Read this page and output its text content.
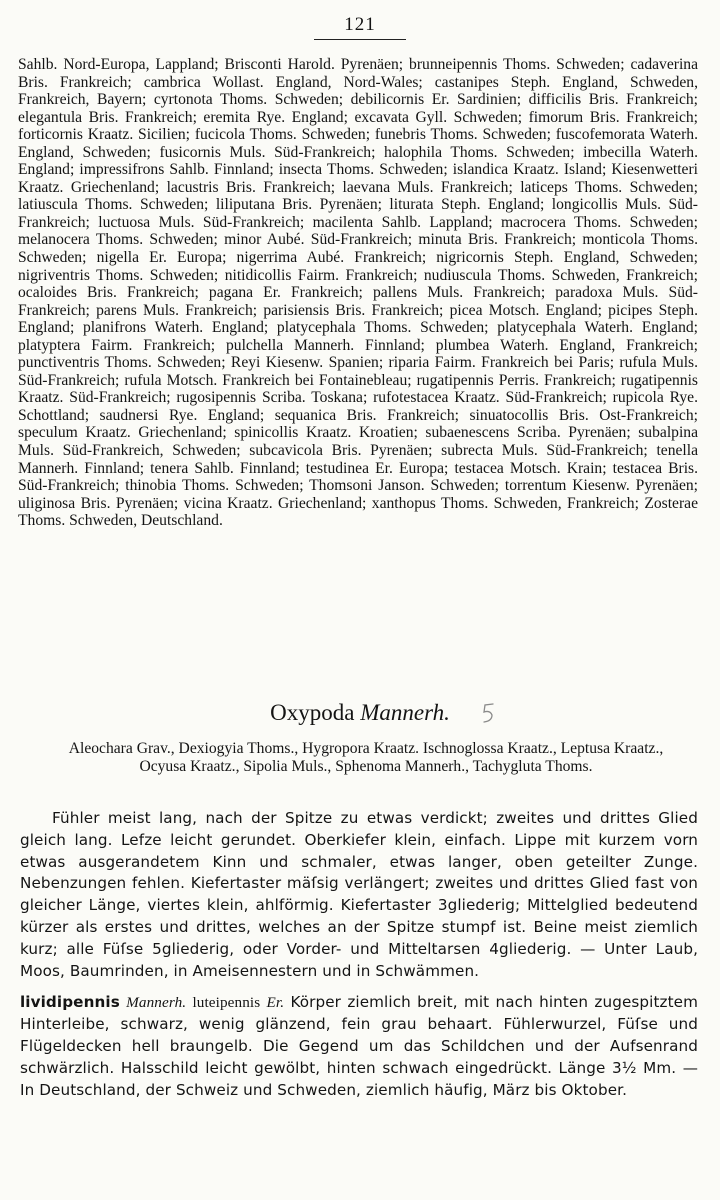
121
Sahlb. Nord-Europa, Lappland; Brisconti Harold. Pyrenäen; brunneipennis Thoms. Schweden; cadaverina Bris. Frankreich; cambrica Wollast. England, Nord-Wales; castanipes Steph. England, Schweden, Frankreich, Bayern; cyrtonota Thoms. Schweden; debilicornis Er. Sardinien; difficilis Bris. Frankreich; elegantula Bris. Frankreich; eremita Rye. England; excavata Gyll. Schweden; fimorum Bris. Frankreich; forticornis Kraatz. Sicilien; fucicola Thoms. Schweden; funebris Thoms. Schweden; fuscofemorata Waterh. England, Schweden; fusicornis Muls. Süd-Frankreich; halophila Thoms. Schweden; imbecilla Waterh. England; impressifrons Sahlb. Finnland; insecta Thoms. Schweden; islandica Kraatz. Island; Kiesenwetteri Kraatz. Griechenland; lacustris Bris. Frankreich; laevana Muls. Frankreich; laticeps Thoms. Schweden; latiusculа Thoms. Schweden; liliputana Bris. Pyrenäen; liturata Steph. England; longicollis Muls. Süd-Frankreich; luctuosa Muls. Süd-Frankreich; macilenta Sahlb. Lappland; macrocera Thoms. Schweden; melanocera Thoms. Schweden; minor Aubé. Süd-Frankreich; minuta Bris. Frankreich; monticola Thoms. Schweden; nigella Er. Europa; nigerrima Aubé. Frankreich; nigricornis Steph. England, Schweden; nigriventris Thoms. Schweden; nitidicollis Fairm. Frankreich; nudiusculа Thoms. Schweden, Frankreich; ocaloides Bris. Frankreich; pagana Er. Frankreich; pallens Muls. Frankreich; paradoxa Muls. Süd-Frankreich; parens Muls. Frankreich; parisiensis Bris. Frankreich; picea Motsch. England; picipes Steph. England; planifrons Waterh. England; platycephala Thoms. Schweden; platycephala Waterh. England; platyptera Fairm. Frankreich; pulchella Mannerh. Finnland; plumbea Waterh. England, Frankreich; punctiventris Thoms. Schweden; Reyi Kiesenw. Spanien; riparia Fairm. Frankreich bei Paris; rufula Muls. Süd-Frankreich; rufula Motsch. Frankreich bei Fontainebleau; rugatipennis Perris. Frankreich; rugatipennis Kraatz. Süd-Frankreich; rugosipennis Scriba. Toskana; rufotestacea Kraatz. Süd-Frankreich; rupicola Rye. Schottland; saudnersi Rye. England; sequanica Bris. Frankreich; sinuatocollis Bris. Ost-Frankreich; speculum Kraatz. Griechenland; spinicollis Kraatz. Kroatien; subaenescens Scriba. Pyrenäen; subalpina Muls. Süd-Frankreich, Schweden; subcavicola Bris. Pyrenäen; subrecta Muls. Süd-Frankreich; tenella Mannerh. Finnland; tenera Sahlb. Finnland; testudinea Er. Europa; testacea Motsch. Krain; testacea Bris. Süd-Frankreich; thinobia Thoms. Schweden; Thomsoni Janson. Schweden; torrentum Kiesenw. Pyrenäen; uliginosa Bris. Pyrenäen; vicina Kraatz. Griechenland; xanthopus Thoms. Schweden, Frankreich; Zosterae Thoms. Schweden, Deutschland.
Oxypoda Mannerh.
Aleochara Grav., Dexiogyia Thoms., Hygropora Kraatz. Ischnoglossa Kraatz., Leptusa Kraatz., Ocyusa Kraatz., Sipolia Muls., Sphenoma Mannerh., Tachygluta Thoms.

Fühler meist lang, nach der Spitze zu etwas verdickt; zweites und drittes Glied gleich lang. Lefze leicht gerundet. Oberkiefer klein, einfach. Lippe mit kurzem vorn etwas ausgerandetem Kinn und schmaler, etwas langer, oben geteilter Zunge. Nebenzungen fehlen. Kiefertaster mäſsig verlängert; zweites und drittes Glied fast von gleicher Länge, viertes klein, ahlförmig. Kiefertaster 3gliederig; Mittelglied bedeutend kürzer als erstes und drittes, welches an der Spitze stumpf ist. Beine meist ziemlich kurz; alle Füſse 5gliederig, oder Vorder- und Mitteltarsen 4gliederig. — Unter Laub, Moos, Baumrinden, in Ameisennestern und in Schwämmen.

lividipennis Mannerh. luteipennis Er. Körper ziemlich breit, mit nach hinten zugespitztem Hinterleibe, schwarz, wenig glänzend, fein grau behaart. Fühlerwurzel, Füſse und Flügeldecken hell braungelb. Die Gegend um das Schildchen und der Aufsenrand schwärzlich. Halsschild leicht gewölbt, hinten schwach eingedrückt. Länge 3½ Mm. — In Deutschland, der Schweiz und Schweden, ziemlich häufig, März bis Oktober.
